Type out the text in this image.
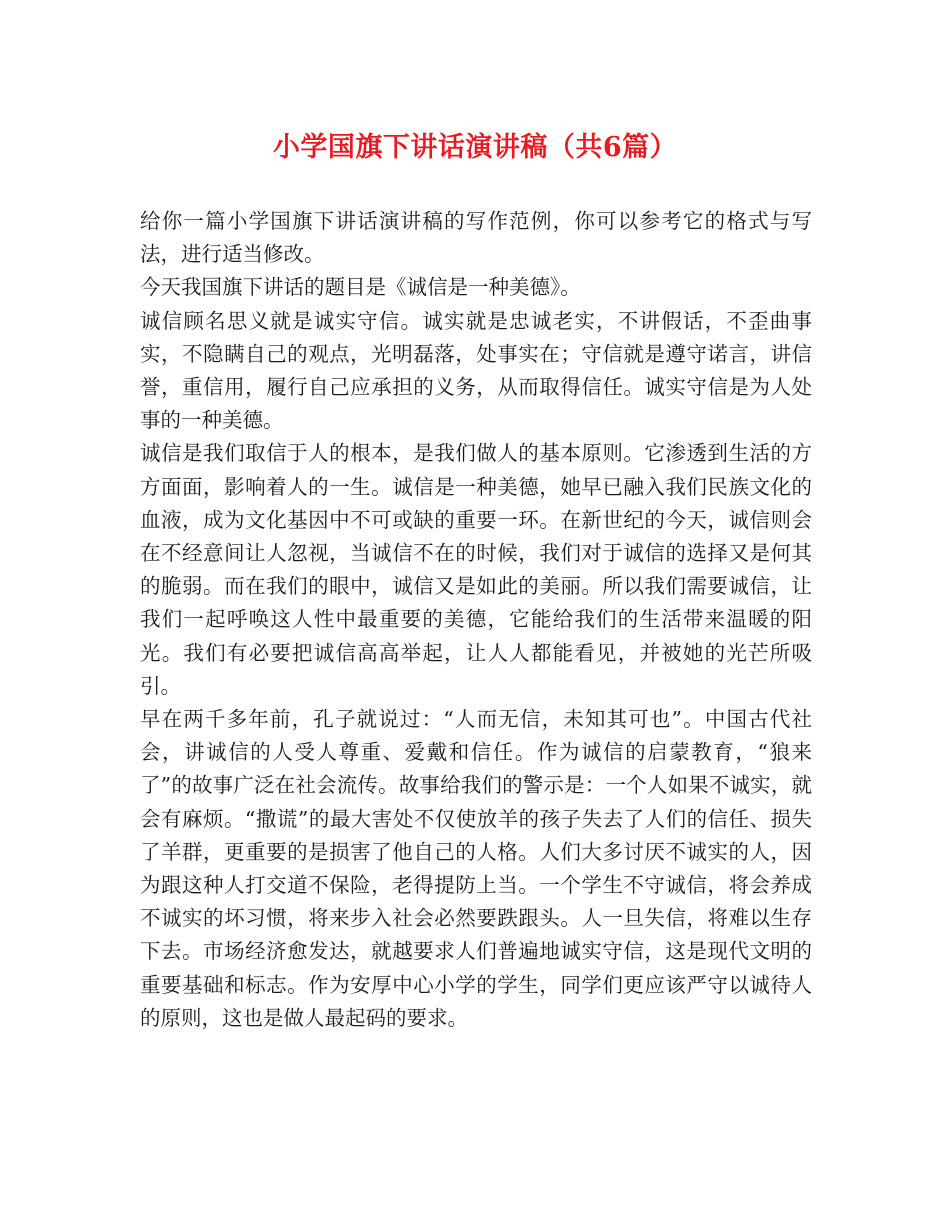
小学国旗下讲话演讲稿（共6篇）

给你一篇小学国旗下讲话演讲稿的写作范例，你可以参考它的格式与写法，进行适当修改。

今天我国旗下讲话的题目是《诚信是一种美德》。

诚信顾名思义就是诚实守信。诚实就是忠诚老实，不讲假话，不歪曲事实，不隐瞒自己的观点，光明磊落，处事实在；守信就是遵守诺言，讲信誉，重信用，履行自己应承担的义务，从而取得信任。诚实守信是为人处事的一种美德。

诚信是我们取信于人的根本，是我们做人的基本原则。它渗透到生活的方方面面，影响着人的一生。诚信是一种美德，她早已融入我们民族文化的血液，成为文化基因中不可或缺的重要一环。在新世纪的今天，诚信则会在不经意间让人忽视，当诚信不在的时候，我们对于诚信的选择又是何其的脆弱。而在我们的眼中，诚信又是如此的美丽。所以我们需要诚信，让我们一起呼唤这人性中最重要的美德，它能给我们的生活带来温暖的阳光。我们有必要把诚信高高举起，让人人都能看见，并被她的光芒所吸引。

早在两千多年前，孔子就说过：“人而无信，未知其可也”。中国古代社会，讲诚信的人受人尊重、爱戴和信任。作为诚信的启蒙教育，“狼来了”的故事广泛在社会流传。故事给我们的警示是：一个人如果不诚实，就会有麻烦。“撒谎”的最大害处不仅使放羊的孩子失去了人们的信任、损失了羊群，更重要的是损害了他自己的人格。人们大多讨厌不诚实的人，因为跟这种人打交道不保险，老得提防上当。一个学生不守诚信，将会养成不诚实的坏习惯，将来步入社会必然要跌跟头。人一旦失信，将难以生存下去。市场经济愈发达，就越要求人们普遍地诚实守信，这是现代文明的重要基础和标志。作为安厚中心小学的学生，同学们更应该严守以诚待人的原则，这也是做人最起码的要求。
